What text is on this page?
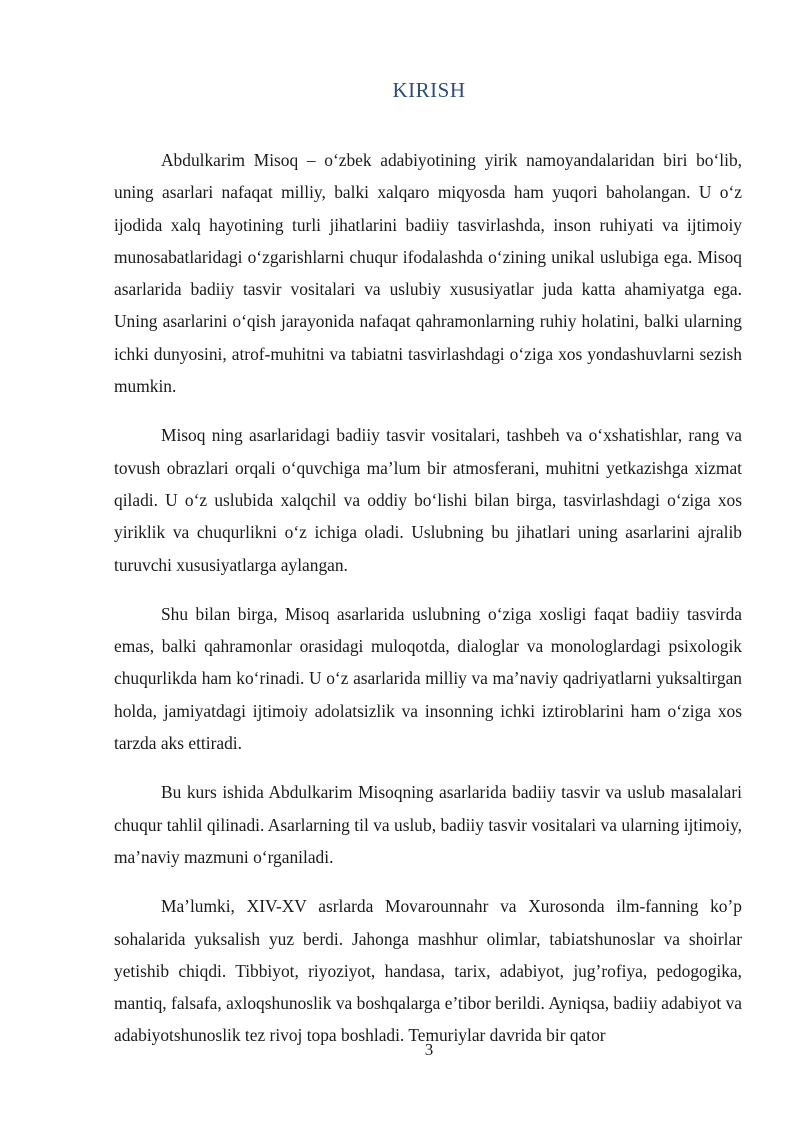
KIRISH

Abdulkarim Misoq – o‘zbek adabiyotining yirik namoyandalaridan biri bo‘lib, uning asarlari nafaqat milliy, balki xalqaro miqyosda ham yuqori baholangan. U o‘z ijodida xalq hayotining turli jihatlarini badiiy tasvirlashda, inson ruhiyati va ijtimoiy munosabatlaridagi o‘zgarishlarni chuqur ifodalashda o‘zining unikal uslubiga ega. Misoq asarlarida badiiy tasvir vositalari va uslubiy xususiyatlar juda katta ahamiyatga ega. Uning asarlarini o‘qish jarayonida nafaqat qahramonlarning ruhiy holatini, balki ularning ichki dunyosini, atrof-muhitni va tabiatni tasvirlashdagi o‘ziga xos yondashuvlarni sezish mumkin.

Misoq ning asarlaridagi badiiy tasvir vositalari, tashbeh va o‘xshatishlar, rang va tovush obrazlari orqali o‘quvchiga ma’lum bir atmosferani, muhitni yetkazishga xizmat qiladi. U o‘z uslubida xalqchil va oddiy bo‘lishi bilan birga, tasvirlashdagi o‘ziga xos yiriklik va chuqurlikni o‘z ichiga oladi. Uslubning bu jihatlari uning asarlarini ajralib turuvchi xususiyatlarga aylangan.

Shu bilan birga, Misoq asarlarida uslubning o‘ziga xosligi faqat badiiy tasvirda emas, balki qahramonlar orasidagi muloqotda, dialoglar va monologlardagi psixologik chuqurlikda ham ko‘rinadi. U o‘z asarlarida milliy va ma’naviy qadriyatlarni yuksaltirgan holda, jamiyatdagi ijtimoiy adolatsizlik va insonning ichki iztiroblarini ham o‘ziga xos tarzda aks ettiradi.

Bu kurs ishida Abdulkarim Misoqning asarlarida badiiy tasvir va uslub masalalari chuqur tahlil qilinadi. Asarlarning til va uslub, badiiy tasvir vositalari va ularning ijtimoiy, ma’naviy mazmuni o‘rganiladi.

Ma’lumki, XIV-XV asrlarda Movarounnahr va Xurosonda ilm-fanning ko’p sohalarida yuksalish yuz berdi. Jahonga mashhur olimlar, tabiatshunoslar va shoirlar yetishib chiqdi. Tibbiyot, riyoziyot, handasa, tarix, adabiyot, jug’rofiya, pedogogika, mantiq, falsafa, axloqshunoslik va boshqalarga e’tibor berildi. Ayniqsa, badiiy adabiyot va adabiyotshunoslik tez rivoj topa boshladi. Temuriylar davrida bir qator

3
